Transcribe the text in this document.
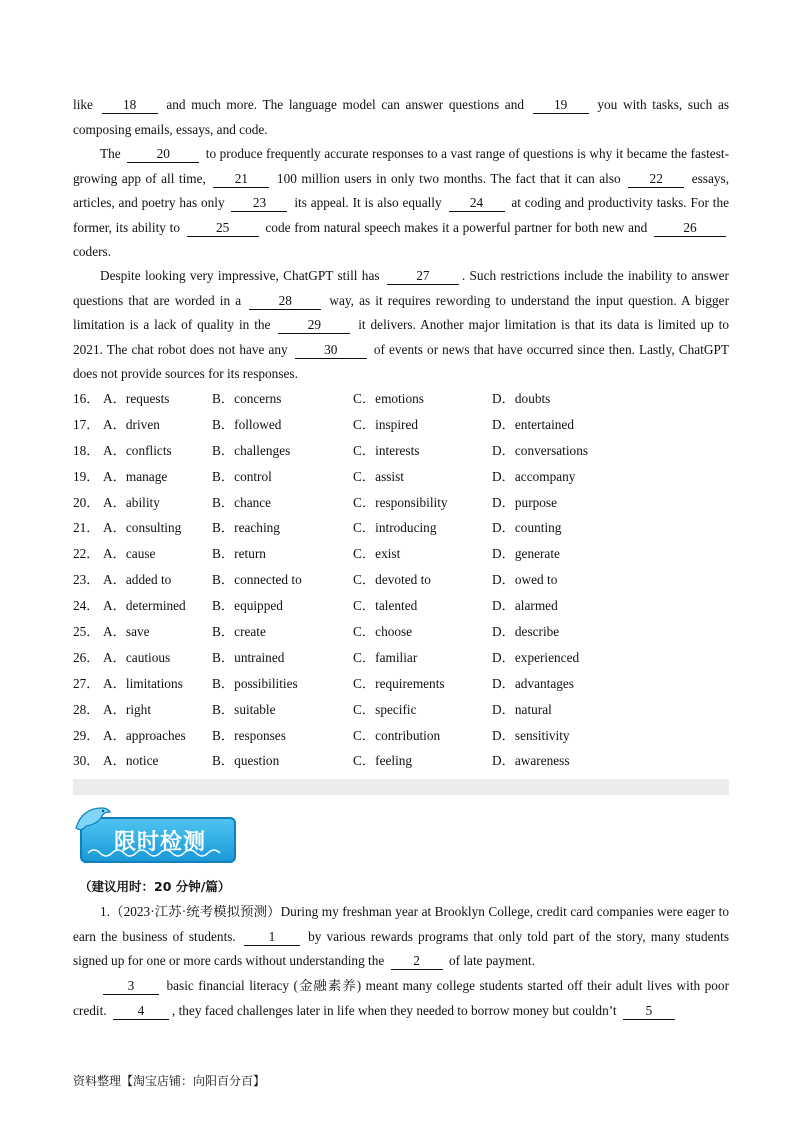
like 18 and much more. The language model can answer questions and 19 you with tasks, such as composing emails, essays, and code.
The	20	to produce frequently accurate responses to a vast range of questions is why it became the fastest-growing app of all time, 21 100 million users in only two months. The fact that it can also 22 essays, articles, and poetry has only 23 its appeal. It is also equally 24 at coding and productivity tasks. For the former, its ability to	25	code from natural speech makes it a powerful partner for both new and	26 coders.
Despite looking very impressive, ChatGPT still has	27 . Such restrictions include the inability to answer questions that are worded in a	28	way, as it requires rewording to understand the input question. A bigger limitation is a lack of quality in the	29	it delivers. Another major limitation is that its data is limited up to 2021. The chat robot does not have any	30	of events or news that have occurred since then. Lastly, ChatGPT does not provide sources for its responses.
16． A．requests	B．concerns	C．emotions	D．doubts
17． A．driven	B．followed	C．inspired	D．entertained
18． A．conflicts	B．challenges	C．interests	D．conversations
19． A．manage	B．control	C．assist	D．accompany
20． A．ability	B．chance	C．responsibility	D．purpose
21． A．consulting B．reaching	C．introducing	D．counting
22． A．cause	B．return	C．exist	D．generate
23． A．added to	B．connected to	C．devoted to	D．owed to
24． A．determined B．equipped	C．talented	D．alarmed
25． A．save	B．create	C．choose	D．describe
26． A．cautious	B．untrained	C．familiar	D．experienced
27． A．limitations B．possibilities	C．requirements	D．advantages
28． A．right	B．suitable	C．specific	D．natural
29． A．approaches B．responses	C．contribution	D．sensitivity
30． A．notice	B．question	C．feeling	D．awareness
限时检测
（建议用时：20 分钟/篇）
1.（2023·江苏·统考模拟预测）During my freshman year at Brooklyn College, credit card companies were eager to earn the business of students. 1 by various rewards programs that only told part of the story, many students signed up for one or more cards without understanding the 2 of late payment.
3 basic financial literacy (金融素养) meant many college students started off their adult lives with poor credit. 4 , they faced challenges later in life when they needed to borrow money but couldn’t 5
资料整理【淘宝店铺：向阳百分百】
